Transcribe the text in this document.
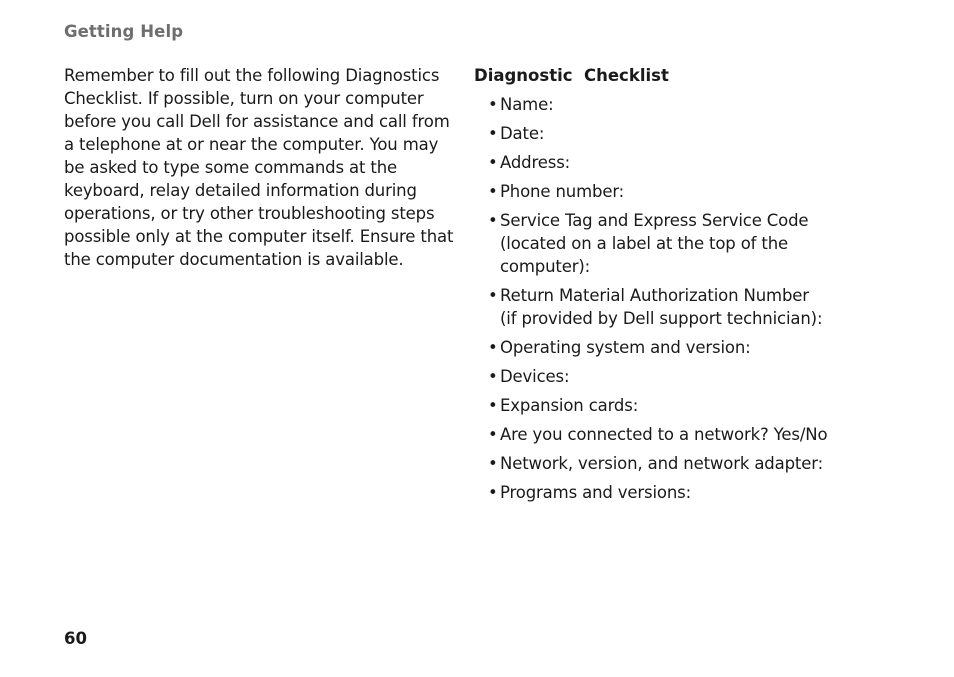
Getting Help

Remember to fill out the following Diagnostics Checklist. If possible, turn on your computer before you call Dell for assistance and call from a telephone at or near the computer. You may be asked to type some commands at the keyboard, relay detailed information during operations, or try other troubleshooting steps possible only at the computer itself. Ensure that the computer documentation is available.

Diagnostic  Checklist
• Name:
• Date:
• Address:
• Phone number:
• Service Tag and Express Service Code
(located on a label at the top of the
computer):
• Return Material Authorization Number
(if provided by Dell support technician):
• Operating system and version:
• Devices:
• Expansion cards:
• Are you connected to a network? Yes/No
• Network, version, and network adapter:
• Programs and versions:
60
